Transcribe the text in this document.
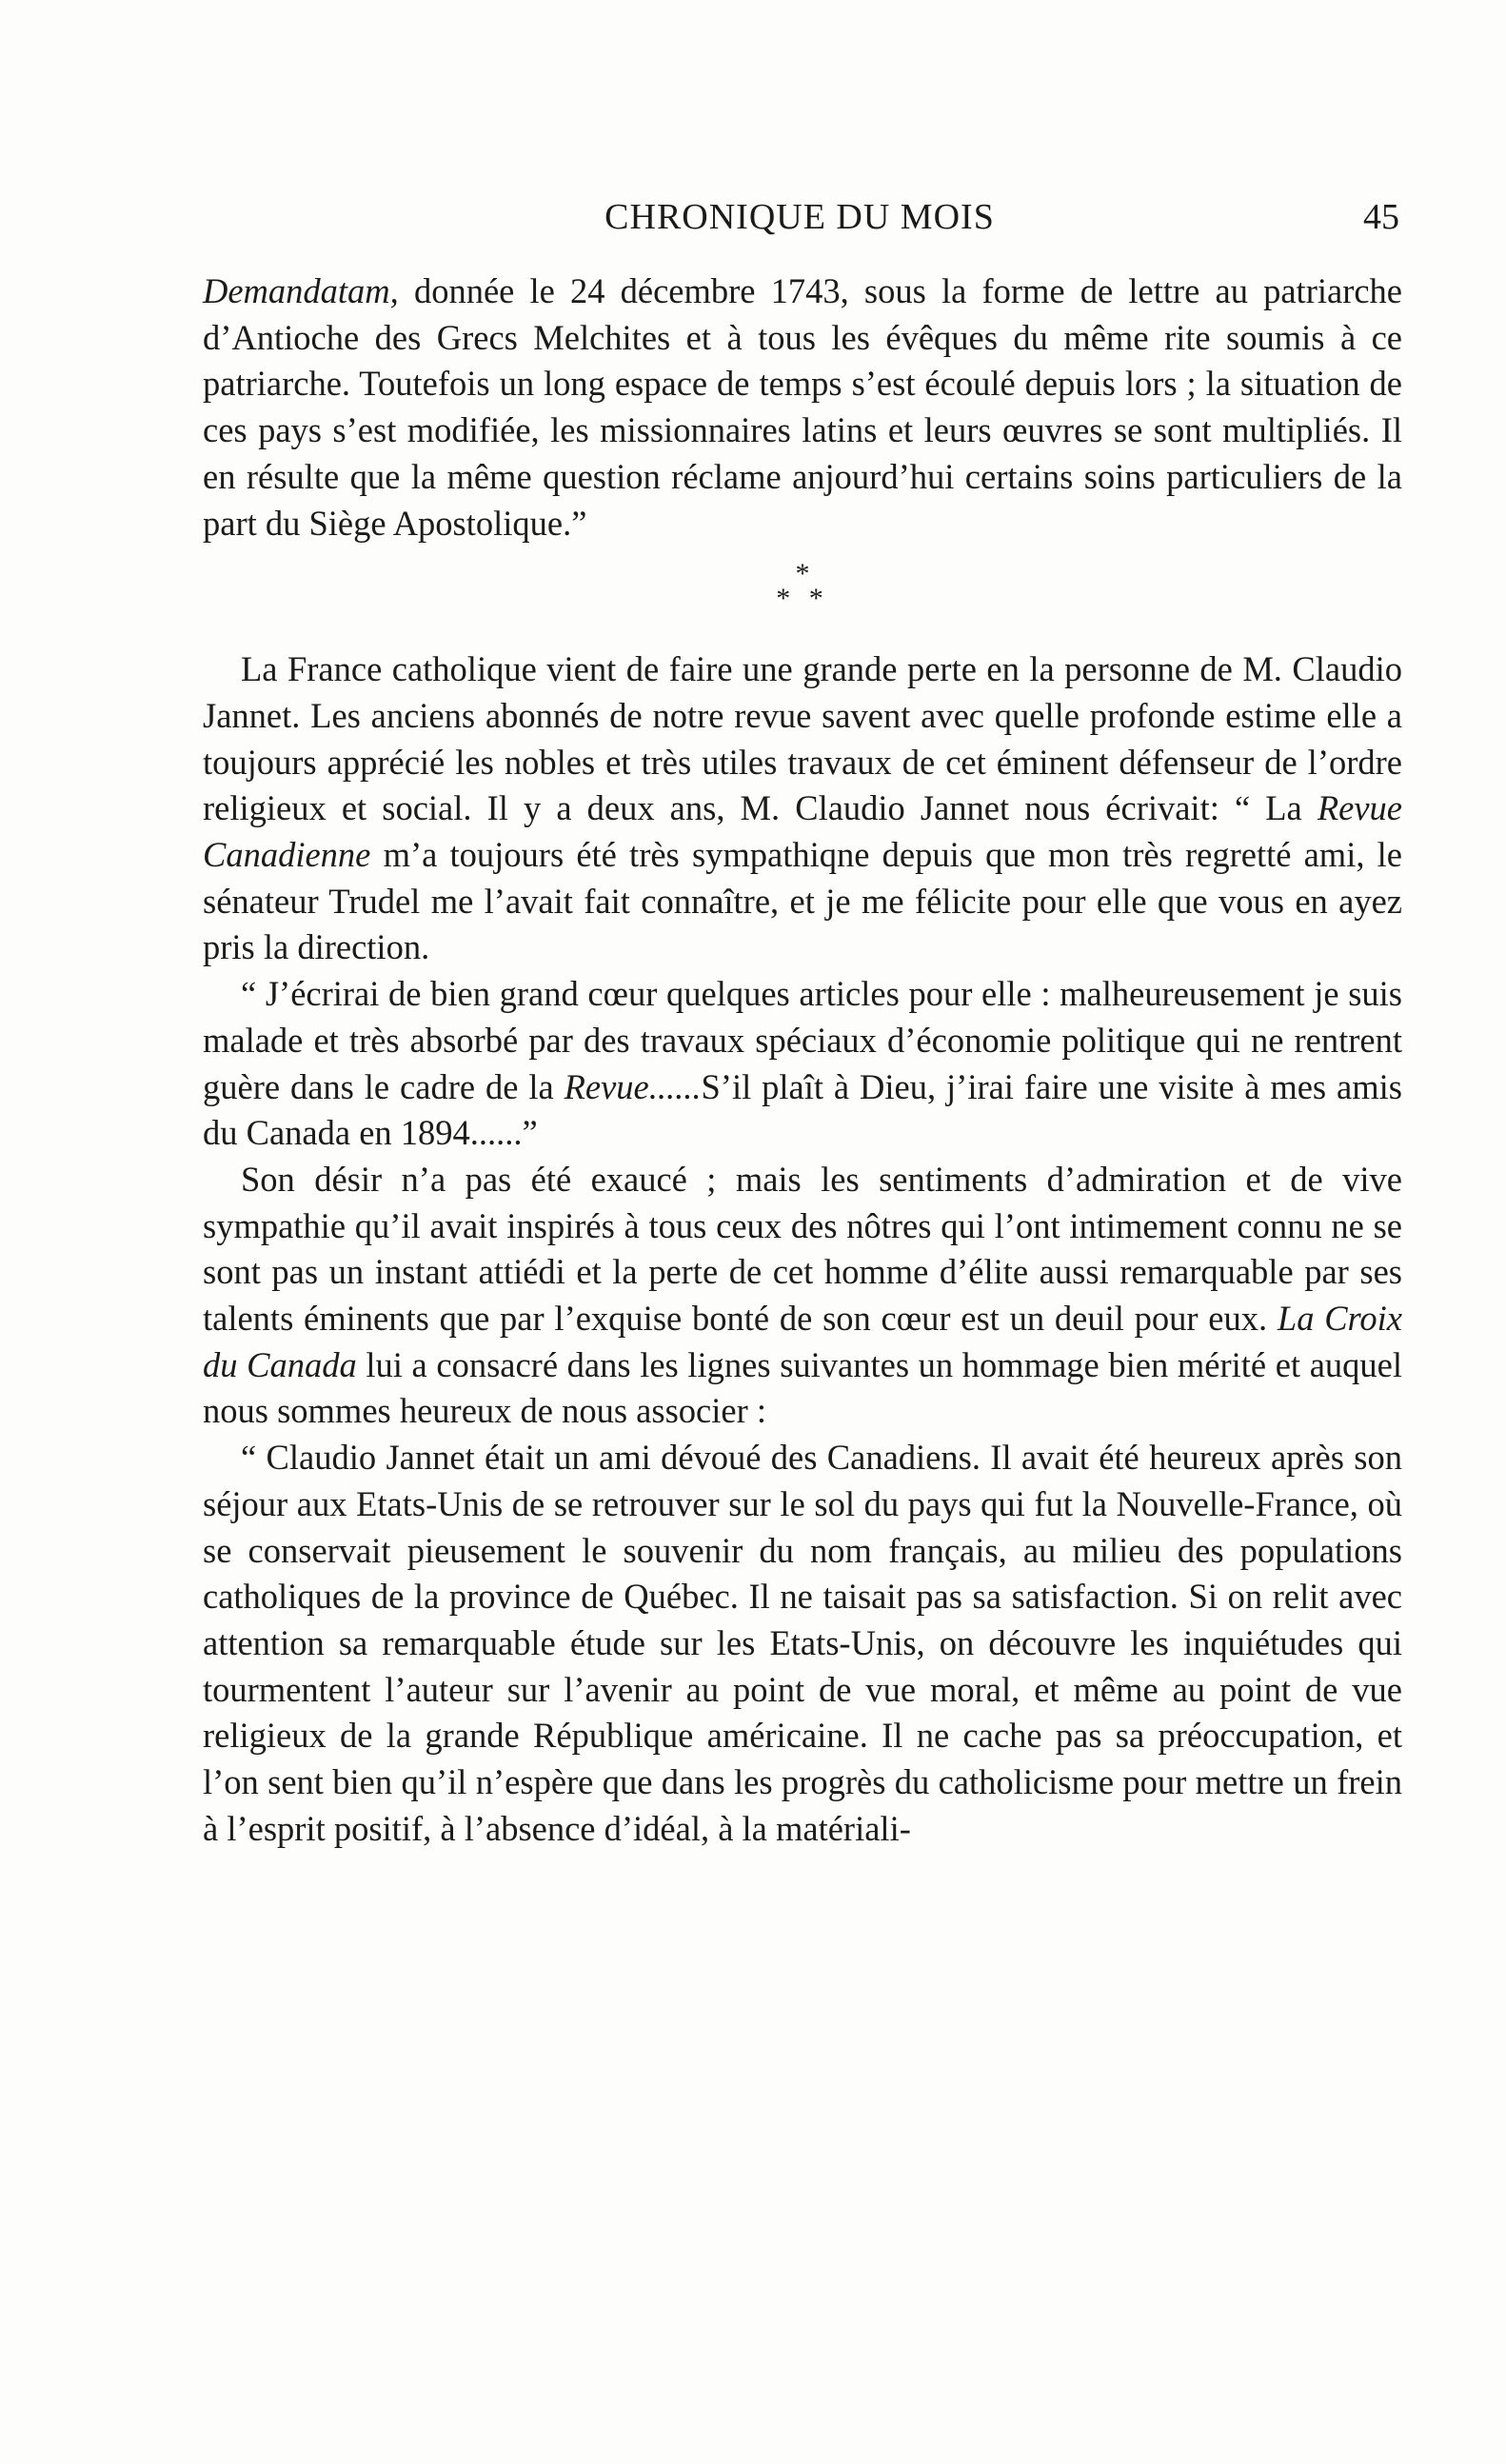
CHRONIQUE DU MOIS	45

Demandatam, donnée le 24 décembre 1743, sous la forme de lettre au patriarche d’Antioche des Grecs Melchites et à tous les évêques du même rite soumis à ce patriarche. Toutefois un long espace de temps s’est écoulé depuis lors ; la situation de ces pays s’est modifiée, les missionnaires latins et leurs œuvres se sont multipliés. Il en résulte que la même question réclame anjourd’hui certains soins particuliers de la part du Siège Apostolique.”

*
* *

La France catholique vient de faire une grande perte en la personne de M. Claudio Jannet. Les anciens abonnés de notre revue savent avec quelle profonde estime elle a toujours apprécié les nobles et très utiles travaux de cet éminent défenseur de l’ordre religieux et social. Il y a deux ans, M. Claudio Jannet nous écrivait: “ La Revue Canadienne m’a toujours été très sympathiqne depuis que mon très regretté ami, le sénateur Trudel me l’avait fait connaître, et je me félicite pour elle que vous en ayez pris la direction.

“ J’écrirai de bien grand cœur quelques articles pour elle : malheureusement je suis malade et très absorbé par des travaux spéciaux d’économie politique qui ne rentrent guère dans le cadre de la Revue......S’il plaît à Dieu, j’irai faire une visite à mes amis du Canada en 1894......”

Son désir n’a pas été exaucé ; mais les sentiments d’admiration et de vive sympathie qu’il avait inspirés à tous ceux des nôtres qui l’ont intimement connu ne se sont pas un instant attiédi et la perte de cet homme d’élite aussi remarquable par ses talents éminents que par l’exquise bonté de son cœur est un deuil pour eux. La Croix du Canada lui a consacré dans les lignes suivantes un hommage bien mérité et auquel nous sommes heureux de nous associer :

“ Claudio Jannet était un ami dévoué des Canadiens. Il avait été heureux après son séjour aux Etats-Unis de se retrouver sur le sol du pays qui fut la Nouvelle-France, où se conservait pieusement le souvenir du nom français, au milieu des populations catholiques de la province de Québec. Il ne taisait pas sa satisfaction. Si on relit avec attention sa remarquable étude sur les Etats-Unis, on découvre les inquiétudes qui tourmentent l’auteur sur l’avenir au point de vue moral, et même au point de vue religieux de la grande République américaine. Il ne cache pas sa préoccupation, et l’on sent bien qu’il n’espère que dans les progrès du catholicisme pour mettre un frein à l’esprit positif, à l’absence d’idéal, à la matériali-
